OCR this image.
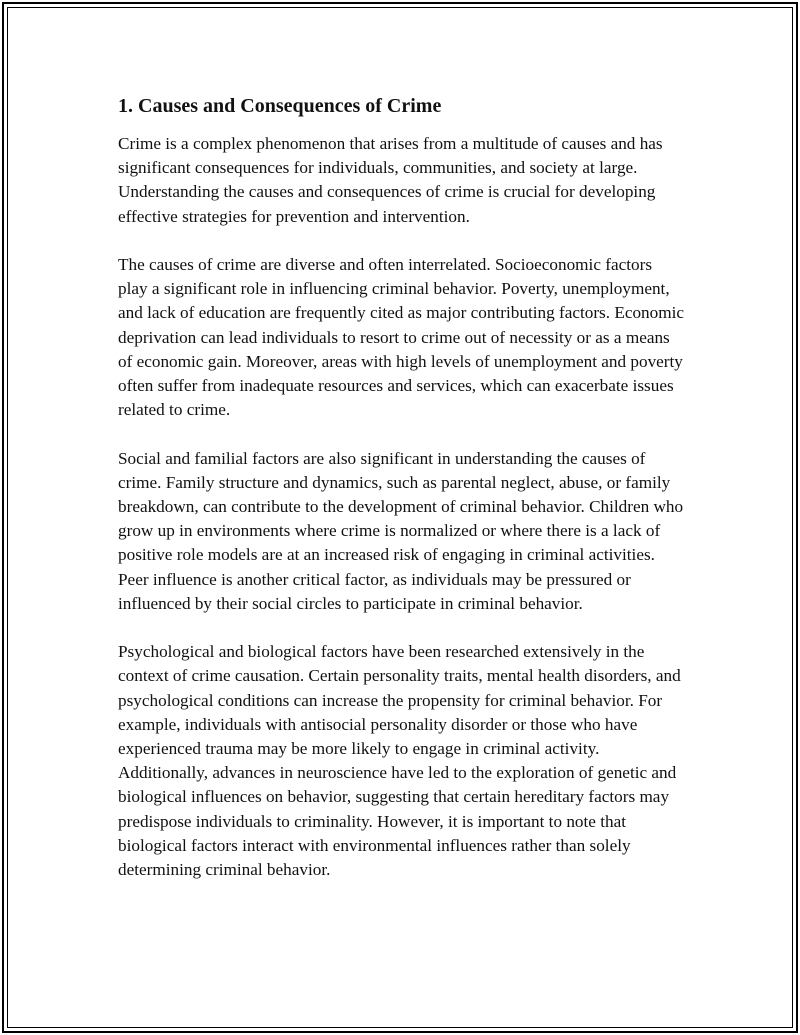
1. Causes and Consequences of Crime

Crime is a complex phenomenon that arises from a multitude of causes and has significant consequences for individuals, communities, and society at large. Understanding the causes and consequences of crime is crucial for developing effective strategies for prevention and intervention.

The causes of crime are diverse and often interrelated. Socioeconomic factors play a significant role in influencing criminal behavior. Poverty, unemployment, and lack of education are frequently cited as major contributing factors. Economic deprivation can lead individuals to resort to crime out of necessity or as a means of economic gain. Moreover, areas with high levels of unemployment and poverty often suffer from inadequate resources and services, which can exacerbate issues related to crime.

Social and familial factors are also significant in understanding the causes of crime. Family structure and dynamics, such as parental neglect, abuse, or family breakdown, can contribute to the development of criminal behavior. Children who grow up in environments where crime is normalized or where there is a lack of positive role models are at an increased risk of engaging in criminal activities. Peer influence is another critical factor, as individuals may be pressured or influenced by their social circles to participate in criminal behavior.

Psychological and biological factors have been researched extensively in the context of crime causation. Certain personality traits, mental health disorders, and psychological conditions can increase the propensity for criminal behavior. For example, individuals with antisocial personality disorder or those who have experienced trauma may be more likely to engage in criminal activity. Additionally, advances in neuroscience have led to the exploration of genetic and biological influences on behavior, suggesting that certain hereditary factors may predispose individuals to criminality. However, it is important to note that biological factors interact with environmental influences rather than solely determining criminal behavior.
